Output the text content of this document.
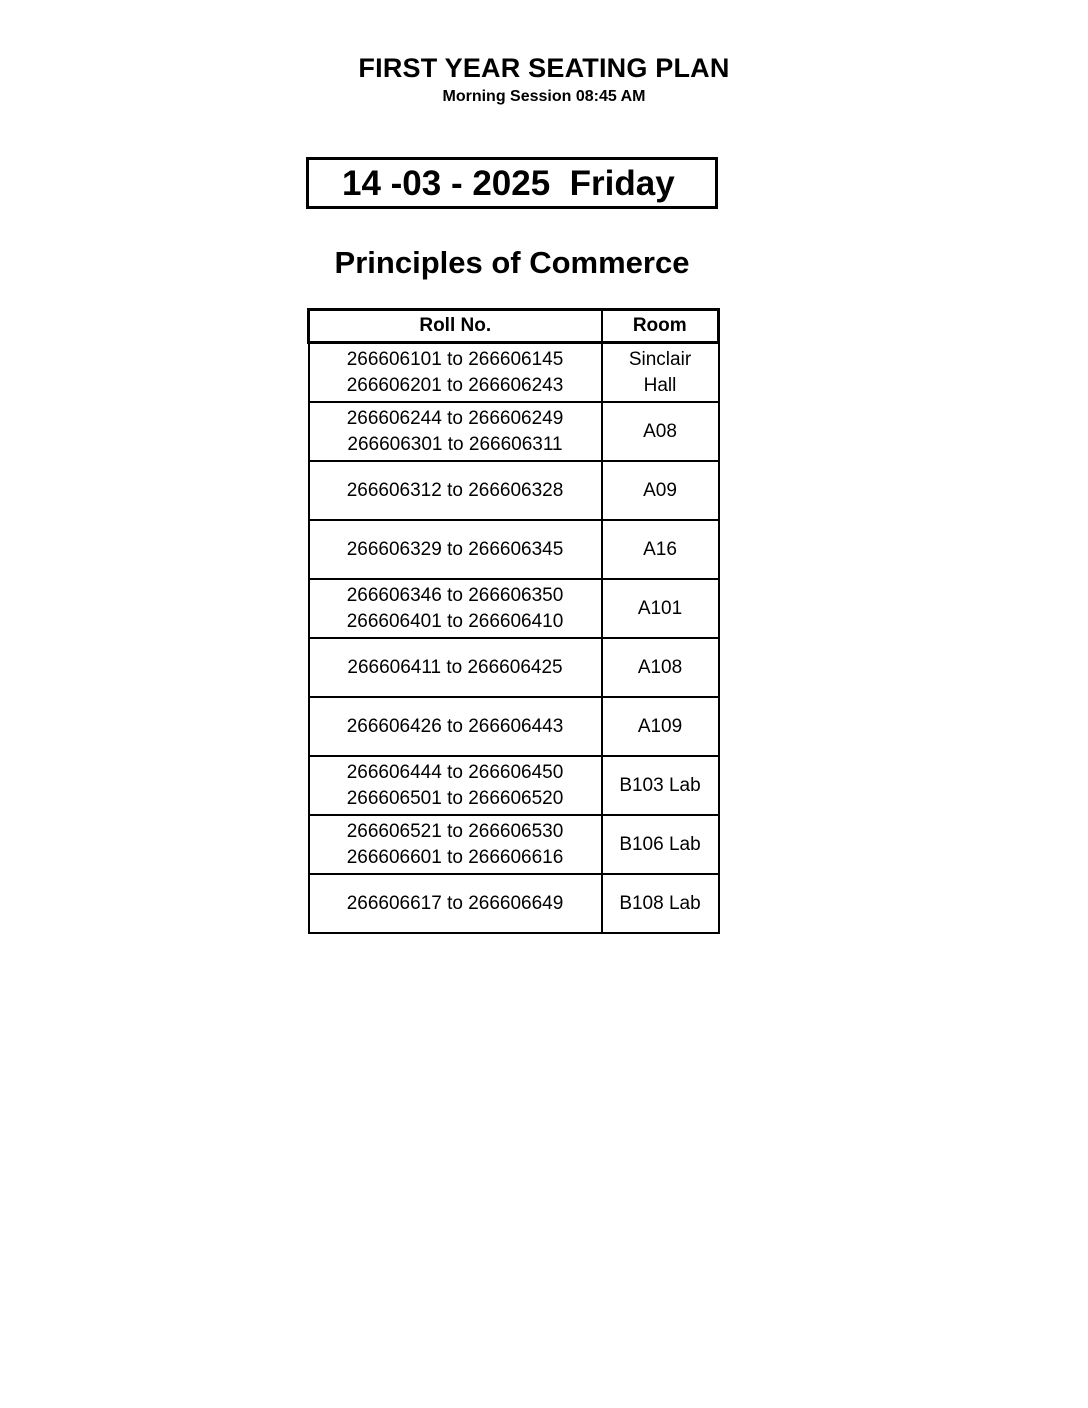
FIRST YEAR SEATING PLAN
Morning Session 08:45 AM
14 -03 - 2025  Friday
Principles of Commerce
Roll No.	Room

266606101 to 266606145
266606201 to 266606243	Sinclair
Hall

266606244 to 266606249
266606301 to 266606311	A08

266606312 to 266606328	A09

266606329 to 266606345	A16

266606346 to 266606350
266606401 to 266606410	A101

266606411 to 266606425	A108

266606426 to 266606443	A109

266606444 to 266606450
266606501 to 266606520	B103 Lab

266606521 to 266606530
266606601 to 266606616	B106 Lab

266606617 to 266606649	B108 Lab
